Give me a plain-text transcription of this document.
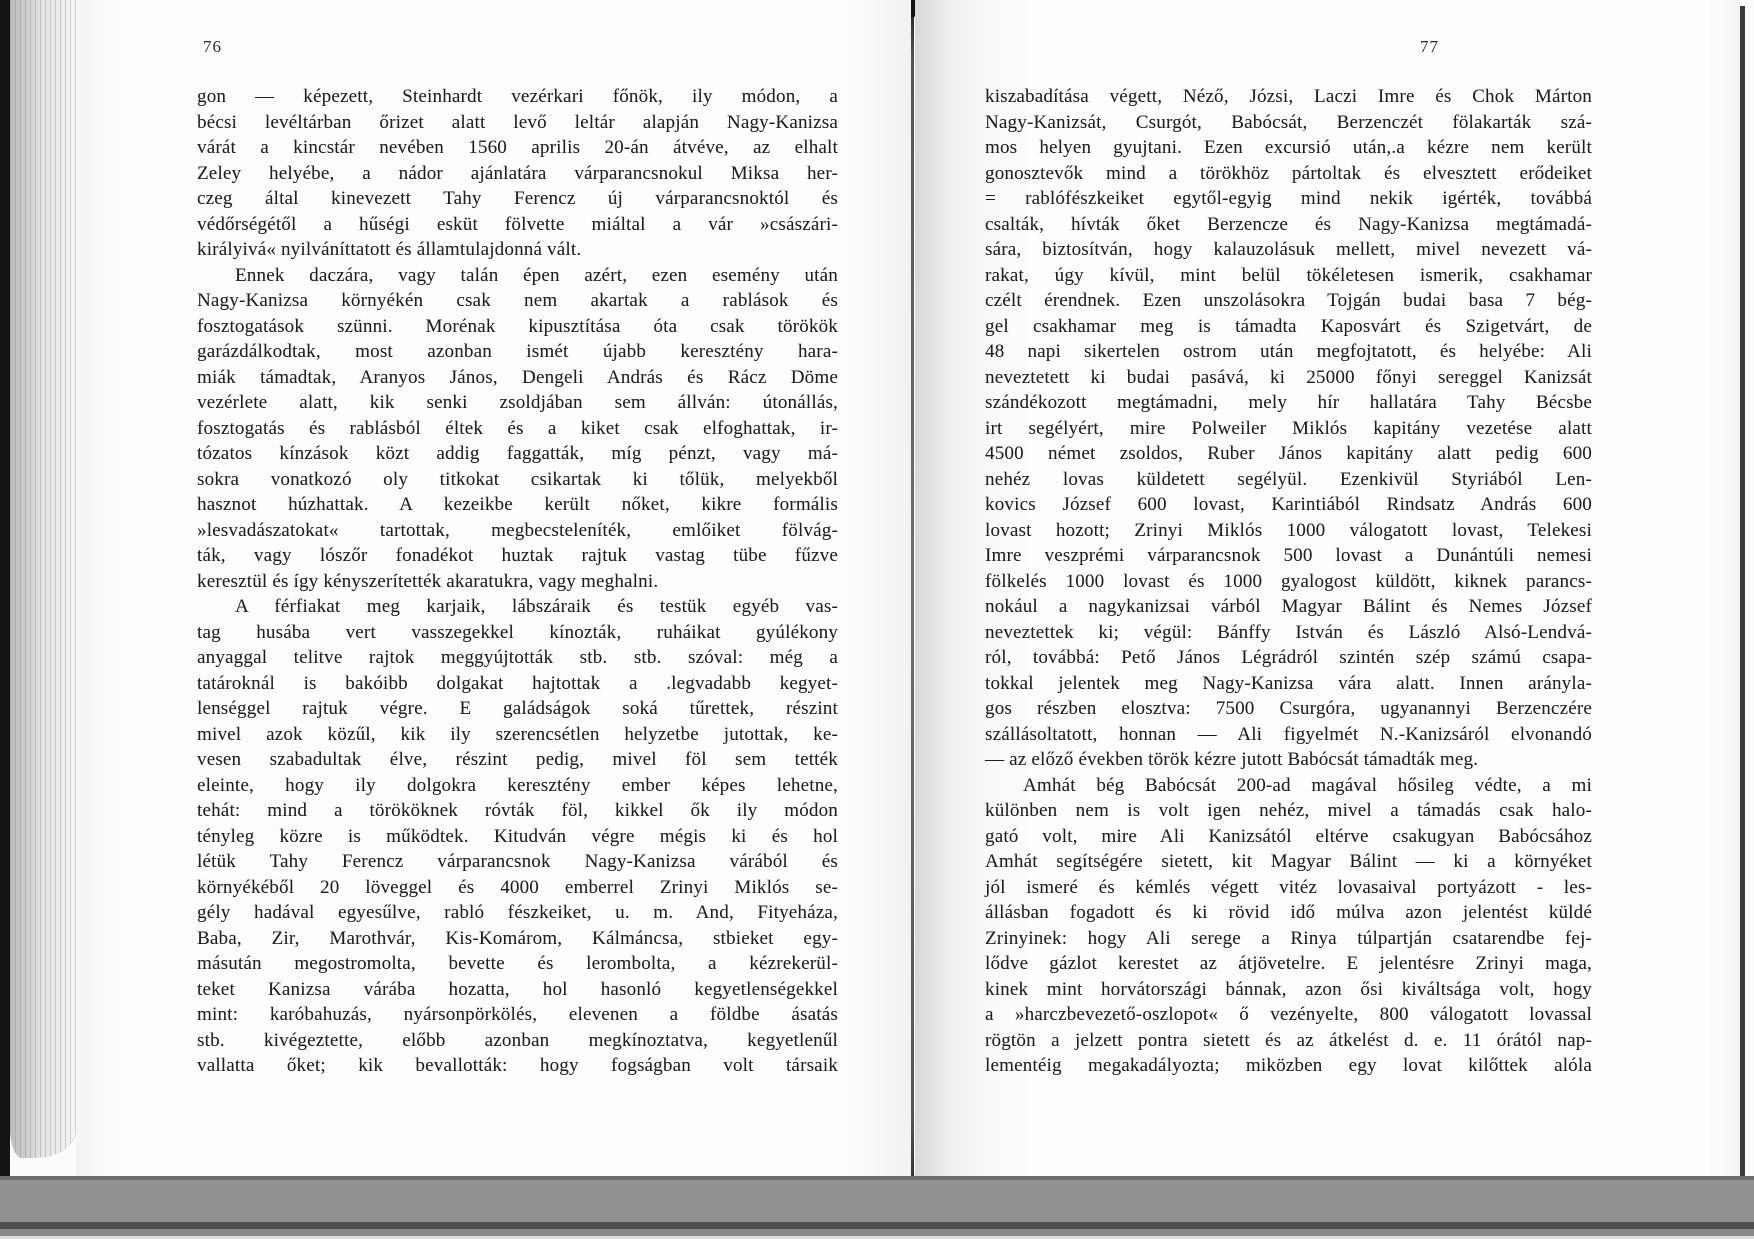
76
gon — képezett, Steinhardt vezérkari főnök, ily módon, a
bécsi levéltárban őrizet alatt levő leltár alapján Nagy-Kanizsa
várát a kincstár nevében 1560 aprilis 20-án átvéve, az elhalt
Zeley helyébe, a nádor ajánlatára várparancsnokul Miksa her-
czeg által kinevezett Tahy Ferencz új várparancsnoktól és
védőrségétől a hűségi esküt fölvette miáltal a vár »császári-
királyivá« nyilváníttatott és államtulajdonná vált.
Ennek daczára, vagy talán épen azért, ezen esemény után
Nagy-Kanizsa környékén csak nem akartak a rablások és
fosztogatások szünni. Morénak kipusztítása óta csak törökök
garázdálkodtak, most azonban ismét újabb keresztény hara-
miák támadtak, Aranyos János, Dengeli András és Rácz Döme
vezérlete alatt, kik senki zsoldjában sem állván: útonállás,
fosztogatás és rablásból éltek és a kiket csak elfoghattak, ir-
tózatos kínzások közt addig faggatták, míg pénzt, vagy má-
sokra vonatkozó oly titkokat csikartak ki tőlük, melyekből
hasznot húzhattak. A kezeikbe került nőket, kikre formális
»lesvadászatokat« tartottak, megbecsteleníték, emlőiket fölvág-
ták, vagy lószőr fonadékot huztak rajtuk vastag tübe fűzve
keresztül és így kényszerítették akaratukra, vagy meghalni.
A férfiakat meg karjaik, lábszáraik és testük egyéb vas-
tag husába vert vasszegekkel kínozták, ruháikat gyúlékony
anyaggal telitve rajtok meggyújtották stb. stb. szóval: még a
tatároknál is bakóibb dolgakat hajtottak a .legvadabb kegyet-
lenséggel rajtuk végre. E galádságok soká tűrettek, részint
mivel azok közűl, kik ily szerencsétlen helyzetbe jutottak, ke-
vesen szabadultak élve, részint pedig, mivel föl sem tették
eleinte, hogy ily dolgokra keresztény ember képes lehetne,
tehát: mind a törököknek róvták föl, kikkel ők ily módon
tényleg közre is működtek. Kitudván végre mégis ki és hol
létük Tahy Ferencz várparancsnok Nagy-Kanizsa várából és
környékéből 20 löveggel és 4000 emberrel Zrinyi Miklós se-
gély hadával egyesűlve, rabló fészkeiket, u. m. And, Fityeháza,
Baba, Zir, Marothvár, Kis-Komárom, Kálmáncsa, stbieket egy-
másután megostromolta, bevette és lerombolta, a kézrekerül-
teket Kanizsa várába hozatta, hol hasonló kegyetlenségekkel
mint: karóbahuzás, nyársonpörkölés, elevenen a földbe ásatás
stb. kivégeztette, előbb azonban megkínoztatva, kegyetlenűl
vallatta őket; kik bevallották: hogy fogságban volt társaik
77
kiszabadítása végett, Néző, Józsi, Laczi Imre és Chok Márton
Nagy-Kanizsát, Csurgót, Babócsát, Berzenczét fölakarták szá-
mos helyen gyujtani. Ezen excursió után,.a kézre nem került
gonosztevők mind a törökhöz pártoltak és elvesztett erődeiket
= rablófészkeiket egytől-egyig mind nekik igérték, továbbá
csalták, hívták őket Berzencze és Nagy-Kanizsa megtámadá-
sára, biztosítván, hogy kalauzolásuk mellett, mivel nevezett vá-
rakat, úgy kívül, mint belül tökéletesen ismerik, csakhamar
czélt érendnek. Ezen unszolásokra Tojgán budai basa 7 bég-
gel csakhamar meg is támadta Kaposvárt és Szigetvárt, de
48 napi sikertelen ostrom után megfojtatott, és helyébe: Ali
neveztetett ki budai pasává, ki 25000 főnyi sereggel Kanizsát
szándékozott megtámadni, mely hír hallatára Tahy Bécsbe
irt segélyért, mire Polweiler Miklós kapitány vezetése alatt
4500 német zsoldos, Ruber János kapitány alatt pedig 600
nehéz lovas küldetett segélyül. Ezenkivül Styriából Len-
kovics József 600 lovast, Karintiából Rindsatz András 600
lovast hozott; Zrinyi Miklós 1000 válogatott lovast, Telekesi
Imre veszprémi várparancsnok 500 lovast a Dunántúli nemesi
fölkelés 1000 lovast és 1000 gyalogost küldött, kiknek parancs-
nokául a nagykanizsai várból Magyar Bálint és Nemes József
neveztettek ki; végül: Bánffy István és László Alsó-Lendvá-
ról, továbbá: Pető János Légrádról szintén szép számú csapa-
tokkal jelentek meg Nagy-Kanizsa vára alatt. Innen arányla-
gos részben elosztva: 7500 Csurgóra, ugyanannyi Berzenczére
szállásoltatott, honnan — Ali figyelmét N.-Kanizsáról elvonandó
— az előző években török kézre jutott Babócsát támadták meg.
Amhát bég Babócsát 200-ad magával hősileg védte, a mi
különben nem is volt igen nehéz, mivel a támadás csak halo-
gató volt, mire Ali Kanizsától eltérve csakugyan Babócsához
Amhát segítségére sietett, kit Magyar Bálint — ki a környéket
jól ismeré és kémlés végett vitéz lovasaival portyázott - les-
állásban fogadott és ki rövid idő múlva azon jelentést küldé
Zrinyinek: hogy Ali serege a Rinya túlpartján csatarendbe fej-
lődve gázlot kerestet az átjövetelre. E jelentésre Zrinyi maga,
kinek mint horvátországi bánnak, azon ősi kiváltsága volt, hogy
a »harczbevezető-oszlopot« ő vezényelte, 800 válogatott lovassal
rögtön a jelzett pontra sietett és az átkelést d. e. 11 órától nap-
lementéig megakadályozta; miközben egy lovat kilőttek alóla
